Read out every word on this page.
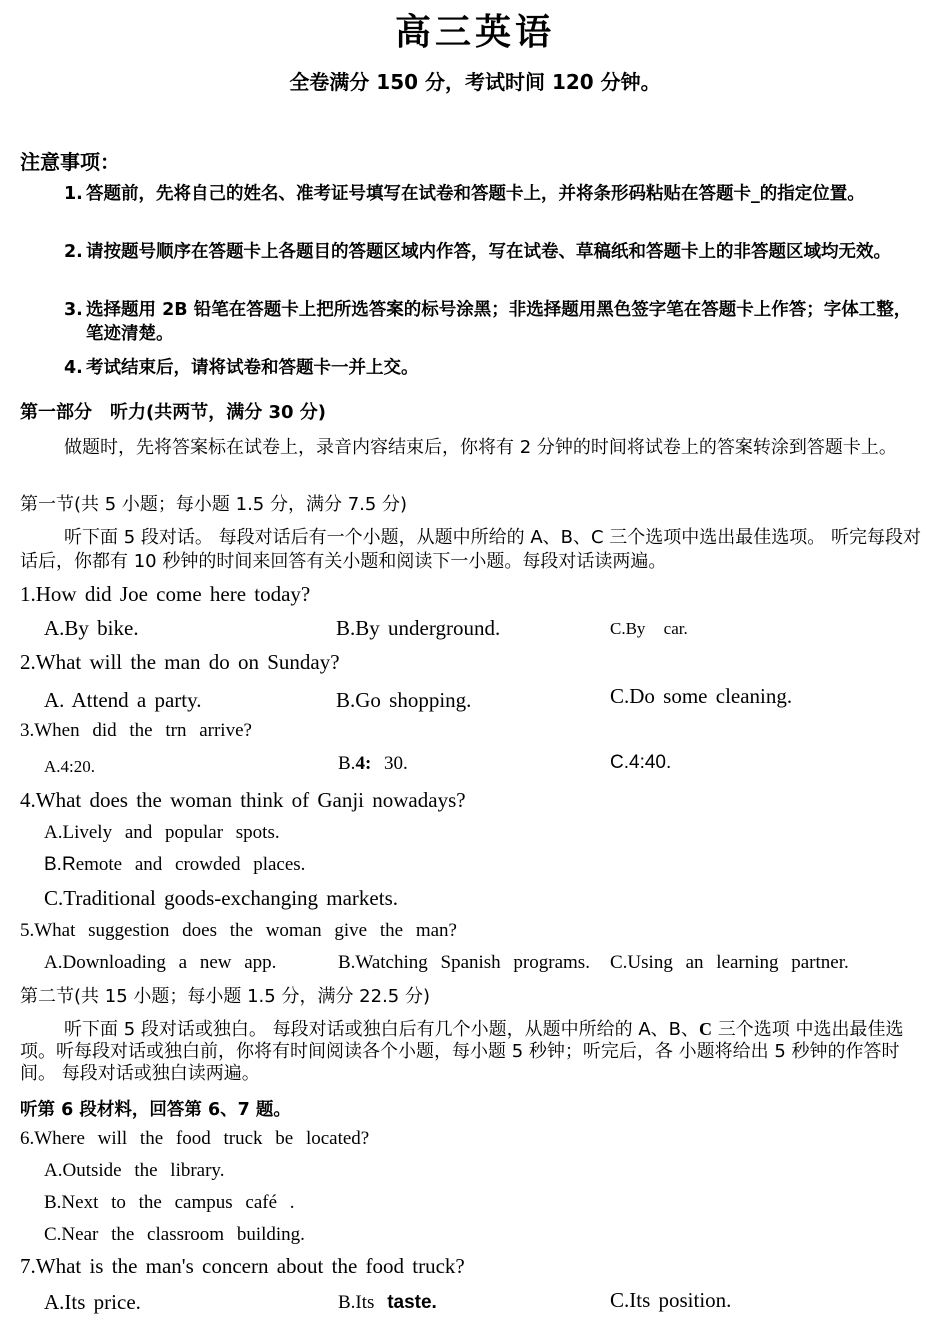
高三英语
全卷满分 150 分，考试时间 120 分钟。
注意事项：
1. 答题前，先将自己的姓名、准考证号填写在试卷和答题卡上，并将条形码粘贴在答题卡_的指定位置。
2. 请按题号顺序在答题卡上各题目的答题区域内作答，写在试卷、草稿纸和答题卡上的非答题区域均无效。
3. 选择题用 2B 铅笔在答题卡上把所选答案的标号涂黑；非选择题用黑色签字笔在答题卡上作答；字体工整，笔迹清楚。
4. 考试结束后，请将试卷和答题卡一并上交。
第一部分　听力(共两节，满分 30 分)
做题时，先将答案标在试卷上，录音内容结束后，你将有 2 分钟的时间将试卷上的答案转涂到答题卡上。
第一节(共 5 小题；每小题 1.5 分，满分 7.5 分)
听下面 5 段对话。 每段对话后有一个小题，从题中所给的 A、B、C 三个选项中选出最佳选项。 听完每段对话后，你都有 10 秒钟的时间来回答有关小题和阅读下一小题。每段对话读两遍。
1.How did Joe come here today?
A.By bike.	B.By underground.	C.By car.
2.What will the man do on Sunday?
A. Attend a party.	B.Go shopping.	C.Do some cleaning.
3.When did the trn arrive?
A.4:20.	B.4: 30.	C.4:40.
4.What does the woman think of Ganji nowadays?
A.Lively and popular spots.
B.Remote and crowded places.
C.Traditional goods-exchanging markets.
5.What suggestion does the woman give the man?
A.Downloading a new app.	B.Watching Spanish programs. C.Using an learning partner.
第二节(共 15 小题；每小题 1.5 分，满分 22.5 分)
听下面 5 段对话或独白。 每段对话或独白后有几个小题，从题中所给的 A、B、C 三个选项 中选出最佳选项。听每段对话或独白前，你将有时间阅读各个小题，每小题 5 秒钟；听完后，各 小题将给出 5 秒钟的作答时间。 每段对话或独白读两遍。
听第 6 段材料，回答第 6、7 题。
6.Where will the food truck be located?
A.Outside the library.
B.Next to the campus café .
C.Near the classroom building.
7.What is the man's concern about the food truck?
A.Its price.	B.Its taste.	C.Its position.
